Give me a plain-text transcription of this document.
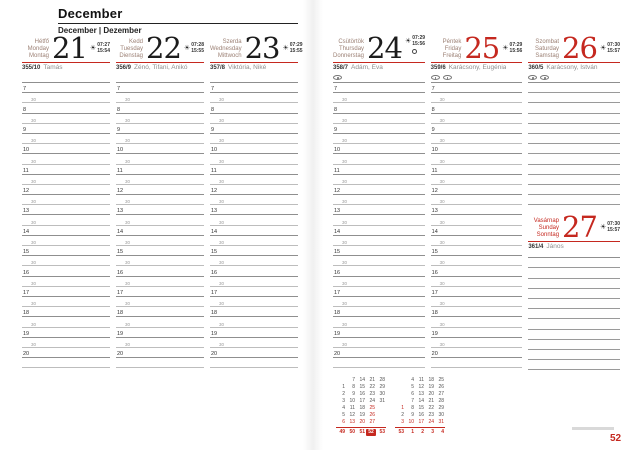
2026
52
December
December | Dezember
2026
52
Hétfő
Monday
Montag 21 ☀ 07:27
15:54
355/10 Tamás
7
30
8
30
9
30
10
30
11
30
12
30
13
30
14
30
15
30
16
30
17
30
18
30
19
30
20
Kedd
Tuesday
Dienstag 22 ☀ 07:28
15:55
356/9 Zénó, Tifani, Anikó
7
30
8
30
9
30
10
30
11
30
12
30
13
30
14
30
15
30
16
30
17
30
18
30
19
30
20
Szerda
Wednesday
Mittwoch 23 ☀ 07:29
15:55
357/8 Viktória, Niké
7
30
8
30
9
30
10
30
11
30
12
30
13
30
14
30
15
30
16
30
17
30
18
30
19
30
20
Csütörtök
Thursday
Donnerstag 24 ☀ 07:29
15:56
358/7 Ádám, Éva
7
30
8
30
9
30
10
30
11
30
12
30
13
30
14
30
15
30
16
30
17
30
18
30
19
30
20
Péntek
Friday
Freitag 25 ☀ 07:29
15:56
359/6 Karácsony, Eugénia
7
30
8
30
9
30
10
30
11
30
12
30
13
30
14
30
15
30
16
30
17
30
18
30
19
30
20
Szombat
Saturday
Samstag 26 ☀ 07:30
15:57
360/5 Karácsony, István
Vasárnap
Sunday
Sonntag 27 ☀ 07:30
15:57
361/4 János
7 14 21 28
1	8 15 22 29
2	9 16 23 30
3 10 17 24 31
4 11 18 25
5 12 19 26
6 13 20 27
49 50 51 52	53
4 11 18 25
5 12 19 26
6 13 20 27
7 14 21 28
1	8 15 22 29
2	9 16 23 30
3 10 17 24 31
53	1	2	3	4
52
